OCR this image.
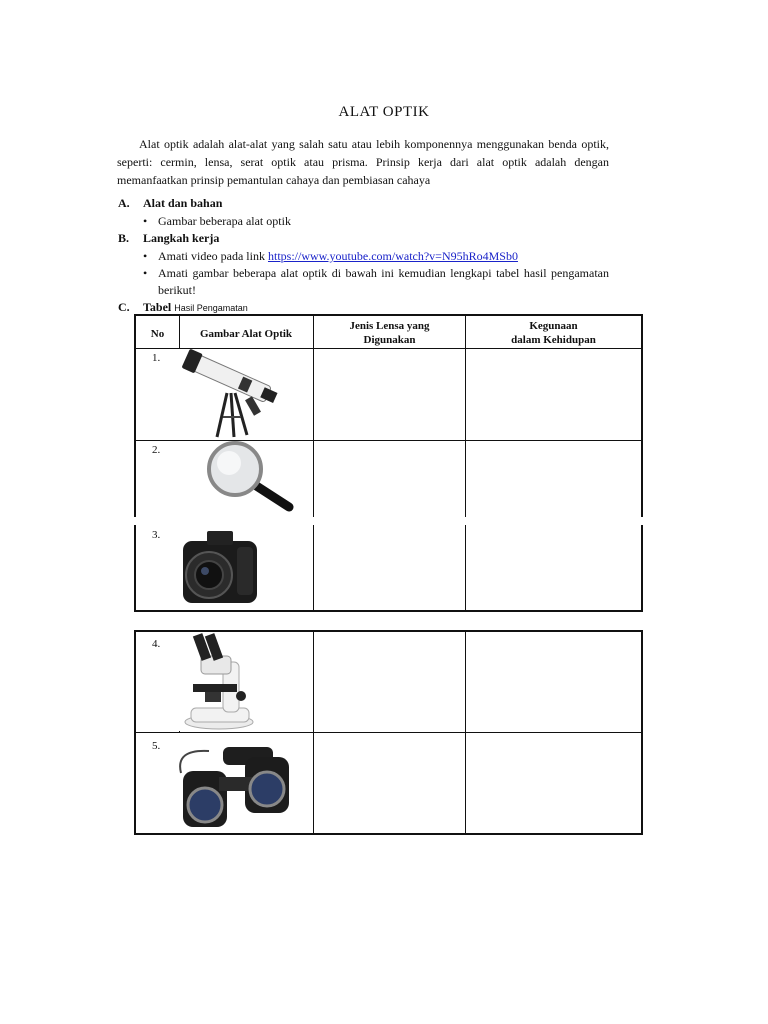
ALAT OPTIK
Alat optik adalah alat-alat yang salah satu atau lebih komponennya menggunakan benda optik, seperti: cermin, lensa, serat optik atau prisma. Prinsip kerja dari alat optik adalah dengan memanfaatkan prinsip pemantulan cahaya dan pembiasan cahaya
A. Alat dan bahan
• Gambar beberapa alat optik
B. Langkah kerja
• Amati video pada link https://www.youtube.com/watch?v=N95hRo4MSb0
• Amati gambar beberapa alat optik di bawah ini kemudian lengkapi tabel hasil pengamatan berikut!
C. Tabel Hasil Pengamatan
No	Gambar Alat Optik
Jenis Lensa yang
Digunakan
Kegunaan
dalam Kehidupan
1.
2.
3.
4.
5.
